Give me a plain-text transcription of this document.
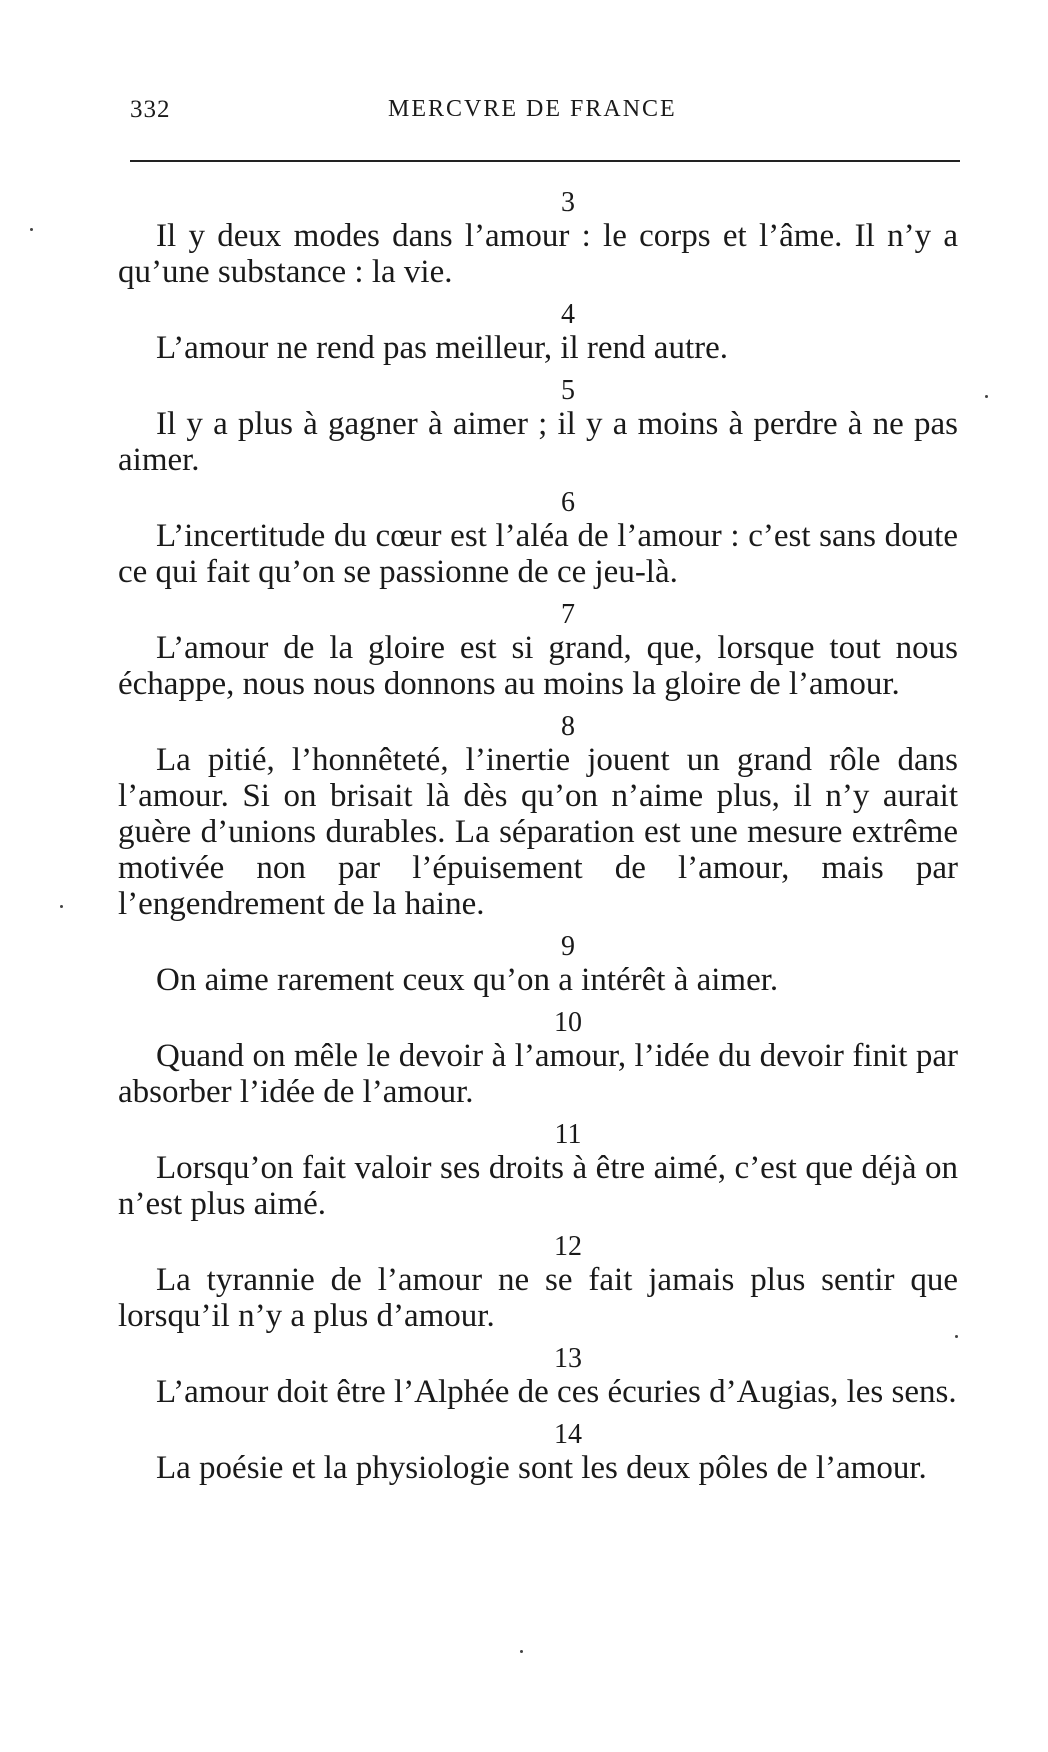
332	MERCVRE DE FRANCE
3

Il y deux modes dans l’amour : le corps et l’âme. Il n’y a qu’une substance : la vie.

4

L’amour ne rend pas meilleur, il rend autre.

5

Il y a plus à gagner à aimer ; il y a moins à perdre à ne pas aimer.

6

L’incertitude du cœur est l’aléa de l’amour : c’est sans doute ce qui fait qu’on se passionne de ce jeu-là.

7

L’amour de la gloire est si grand, que, lorsque tout nous échappe, nous nous donnons au moins la gloire de l’amour.

8

La pitié, l’honnêteté, l’inertie jouent un grand rôle dans l’amour. Si on brisait là dès qu’on n’aime plus, il n’y aurait guère d’unions durables. La séparation est une mesure extrême motivée non par l’épuisement de l’amour, mais par l’engendrement de la haine.

9

On aime rarement ceux qu’on a intérêt à aimer.

10

Quand on mêle le devoir à l’amour, l’idée du devoir finit par absorber l’idée de l’amour.

11

Lorsqu’on fait valoir ses droits à être aimé, c’est que déjà on n’est plus aimé.

12

La tyrannie de l’amour ne se fait jamais plus sentir que lorsqu’il n’y a plus d’amour.

13

L’amour doit être l’Alphée de ces écuries d’Augias, les sens.

14

La poésie et la physiologie sont les deux pôles de l’amour.
